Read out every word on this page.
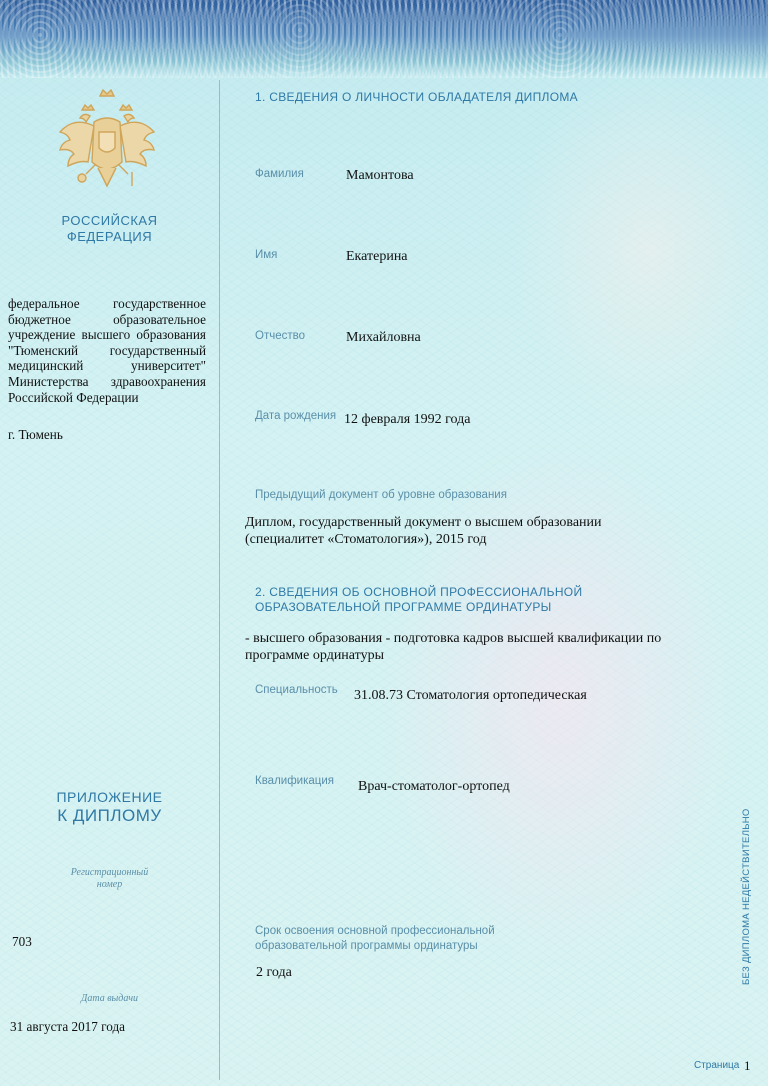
РОССИЙСКАЯ
ФЕДЕРАЦИЯ
федеральное государственное бюджетное образовательное учреждение высшего образования "Тюменский государственный медицинский университет" Министерства здравоохранения Российской Федерации
г. Тюмень
ПРИЛОЖЕНИЕ
К ДИПЛОМУ
Регистрационный
номер
703
Дата выдачи
31 августа 2017 года
1. СВЕДЕНИЯ О ЛИЧНОСТИ ОБЛАДАТЕЛЯ ДИПЛОМА
Фамилия	Мамонтова
Имя	Екатерина
Отчество	Михайловна
Дата рождения 12 февраля 1992 года
Предыдущий документ об уровне образования
Диплом, государственный документ о высшем образовании
(специалитет «Стоматология»), 2015 год
2. СВЕДЕНИЯ ОБ ОСНОВНОЙ ПРОФЕССИОНАЛЬНОЙ
ОБРАЗОВАТЕЛЬНОЙ ПРОГРАММЕ ОРДИНАТУРЫ
- высшего образования - подготовка кадров высшей квалификации по
программе ординатуры
Специальность 31.08.73 Стоматология ортопедическая
Квалификация Врач-стоматолог-ортопед
Срок освоения основной профессиональной
образовательной программы ординатуры
2 года	БЕЗ ДИПЛОМА НЕДЕЙСТВИТЕЛЬНО
Страница 1
